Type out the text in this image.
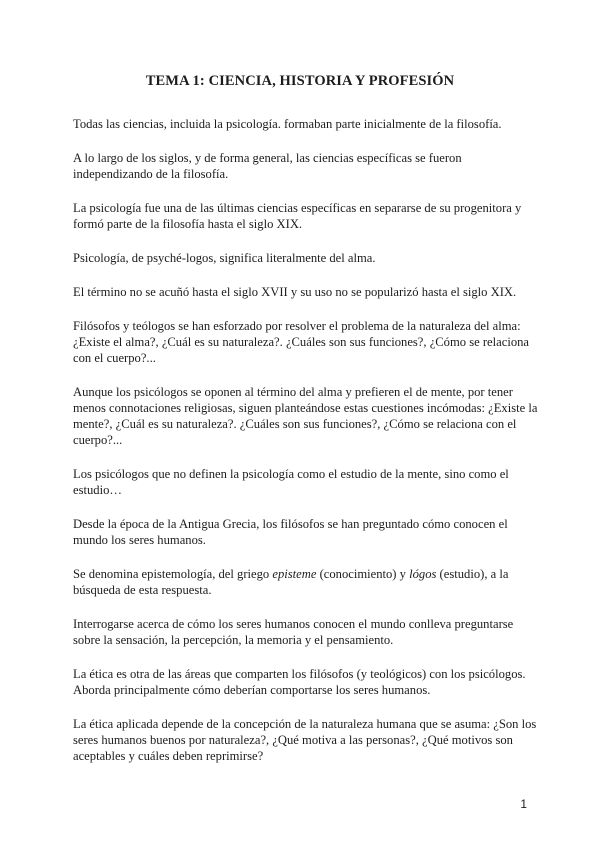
TEMA 1: CIENCIA, HISTORIA Y PROFESIÓN

Todas las ciencias, incluida la psicología. formaban parte inicialmente de la filosofía.

A lo largo de los siglos, y de forma general, las ciencias específicas se fueron independizando de la filosofía.

La psicología fue una de las últimas ciencias específicas en separarse de su progenitora y formó parte de la filosofía hasta el siglo XIX.

Psicología, de psyché-logos, significa literalmente del alma.

El término no se acuñó hasta el siglo XVII y su uso no se popularizó hasta el siglo XIX.

Filósofos y teólogos se han esforzado por resolver el problema de la naturaleza del alma: ¿Existe el alma?, ¿Cuál es su naturaleza?. ¿Cuáles son sus funciones?, ¿Cómo se relaciona con el cuerpo?...

Aunque los psicólogos se oponen al término del alma y prefieren el de mente, por tener menos connotaciones religiosas, siguen planteándose estas cuestiones incómodas: ¿Existe la mente?, ¿Cuál es su naturaleza?. ¿Cuáles son sus funciones?, ¿Cómo se relaciona con el cuerpo?...

Los psicólogos que no definen la psicología como el estudio de la mente, sino como el estudio…

Desde la época de la Antigua Grecia, los filósofos se han preguntado cómo conocen el mundo los seres humanos.

Se denomina epistemología, del griego episteme (conocimiento) y lógos (estudio), a la búsqueda de esta respuesta.

Interrogarse acerca de cómo los seres humanos conocen el mundo conlleva preguntarse sobre la sensación, la percepción, la memoria y el pensamiento.

La ética es otra de las áreas que comparten los filósofos (y teológicos) con los psicólogos. Aborda principalmente cómo deberían comportarse los seres humanos.

La ética aplicada depende de la concepción de la naturaleza humana que se asuma: ¿Son los seres humanos buenos por naturaleza?, ¿Qué motiva a las personas?, ¿Qué motivos son aceptables y cuáles deben reprimirse?

1
